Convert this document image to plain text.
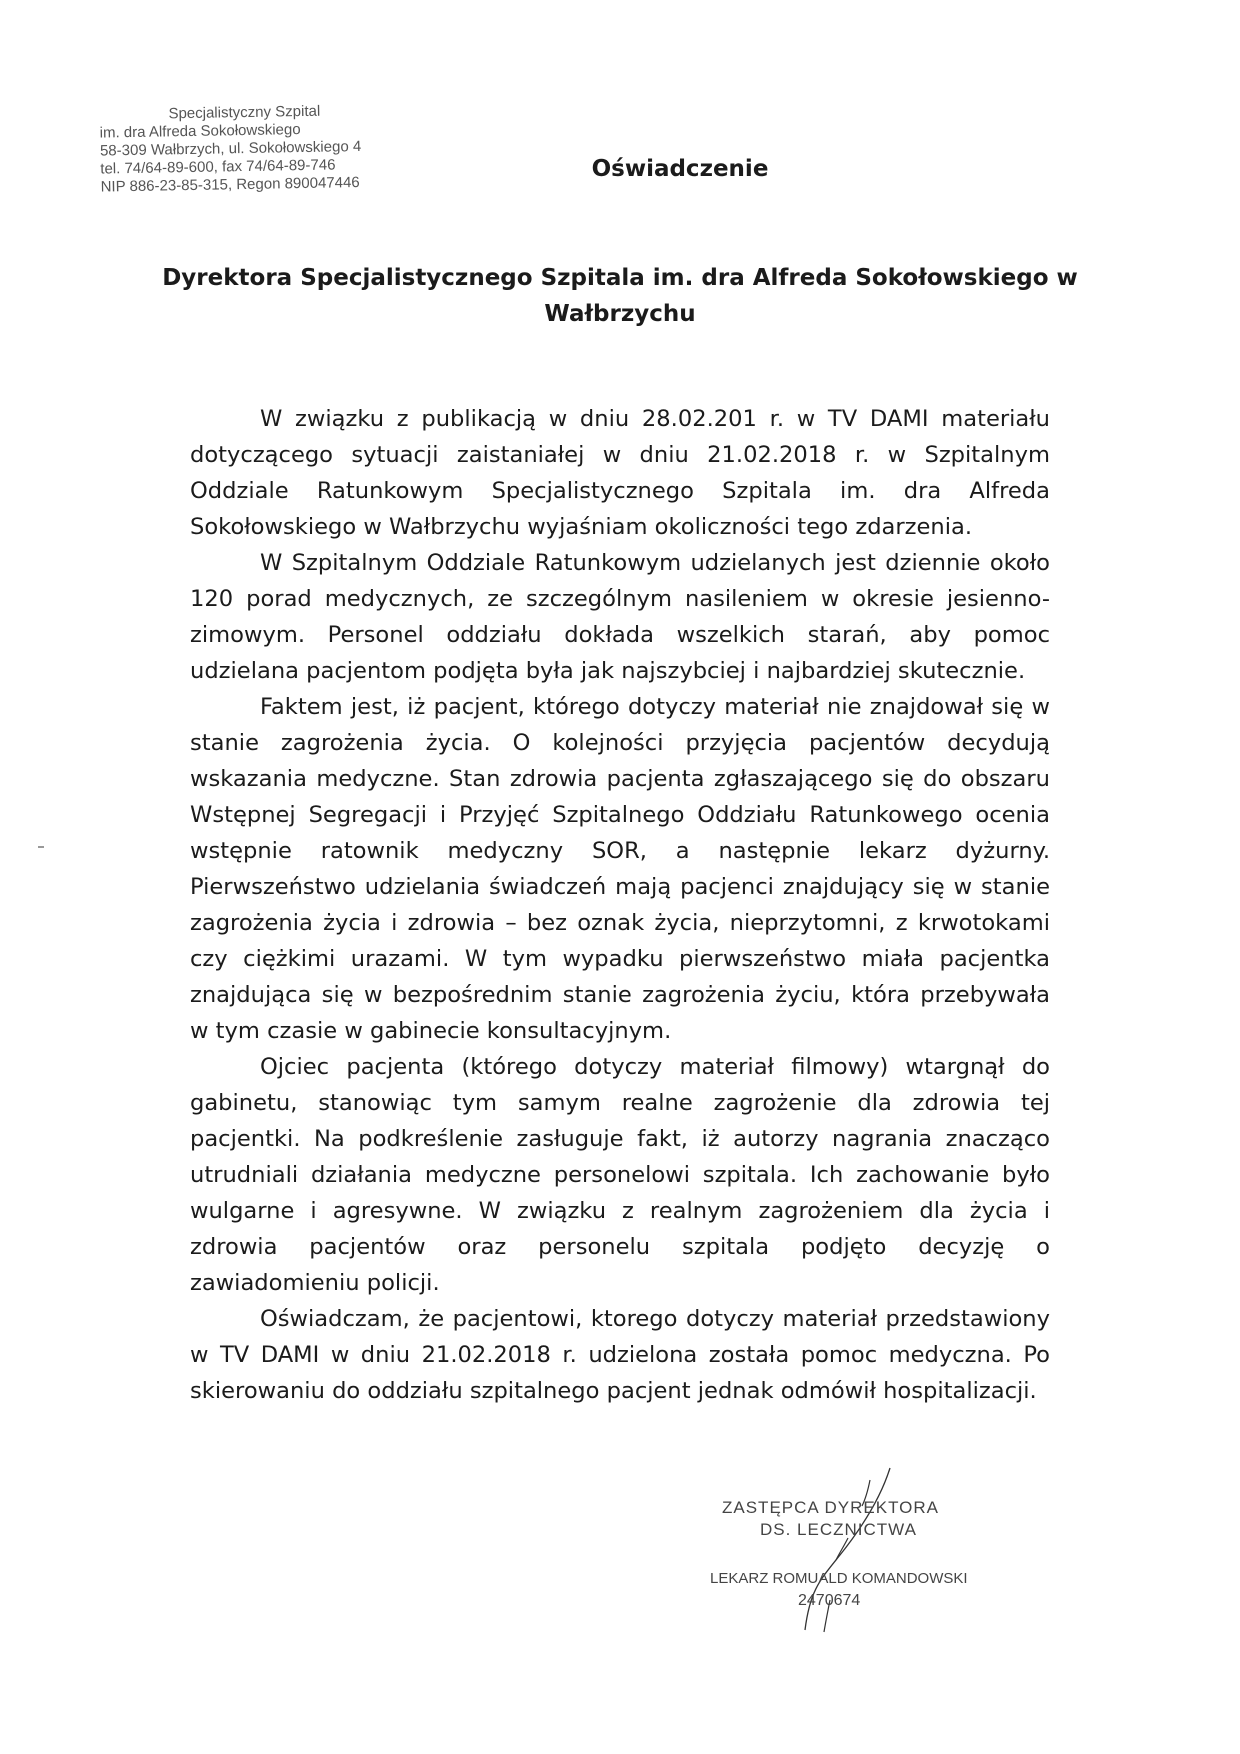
Specjalistyczny Szpital
im. dra Alfreda Sokołowskiego
58-309 Wałbrzych, ul. Sokołowskiego 4
tel. 74/64-89-600, fax 74/64-89-746
NIP 886-23-85-315, Regon 890047446
Oświadczenie
Dyrektora Specjalistycznego Szpitala im. dra Alfreda Sokołowskiego w Wałbrzychu

W związku z publikacją w dniu 28.02.201 r. w TV DAMI materiału dotyczącego sytuacji zaistaniałej w dniu 21.02.2018 r. w Szpitalnym Oddziale Ratunkowym Specjalistycznego Szpitala im. dra Alfreda Sokołowskiego w Wałbrzychu wyjaśniam okoliczności tego zdarzenia.

W Szpitalnym Oddziale Ratunkowym udzielanych jest dziennie około 120 porad medycznych, ze szczególnym nasileniem w okresie jesienno-zimowym. Personel oddziału dokłada wszelkich starań, aby pomoc udzielana pacjentom podjęta była jak najszybciej i najbardziej skutecznie.

Faktem jest, iż pacjent, którego dotyczy materiał nie znajdował się w stanie zagrożenia życia. O kolejności przyjęcia pacjentów decydują wskazania medyczne. Stan zdrowia pacjenta zgłaszającego się do obszaru Wstępnej Segregacji i Przyjęć Szpitalnego Oddziału Ratunkowego ocenia wstępnie ratownik medyczny SOR, a następnie lekarz dyżurny. Pierwszeństwo udzielania świadczeń mają pacjenci znajdujący się w stanie zagrożenia życia i zdrowia – bez oznak życia, nieprzytomni, z krwotokami czy ciężkimi urazami. W tym wypadku pierwszeństwo miała pacjentka znajdująca się w bezpośrednim stanie zagrożenia życiu, która przebywała w tym czasie w gabinecie konsultacyjnym.

Ojciec pacjenta (którego dotyczy materiał filmowy) wtargnął do gabinetu, stanowiąc tym samym realne zagrożenie dla zdrowia tej pacjentki. Na podkreślenie zasługuje fakt, iż autorzy nagrania znacząco utrudniali działania medyczne personelowi szpitala. Ich zachowanie było wulgarne i agresywne. W związku z realnym zagrożeniem dla życia i zdrowia pacjentów oraz personelu szpitala podjęto decyzję o zawiadomieniu policji.

Oświadczam, że pacjentowi, ktorego dotyczy materiał przedstawiony w TV DAMI w dniu 21.02.2018 r. udzielona została pomoc medyczna. Po skierowaniu do oddziału szpitalnego pacjent jednak odmówił hospitalizacji.

ZASTĘPCA DYREKTORA
DS. LECZNICTWA
LEKARZ ROMUALD KOMANDOWSKI
2470674
